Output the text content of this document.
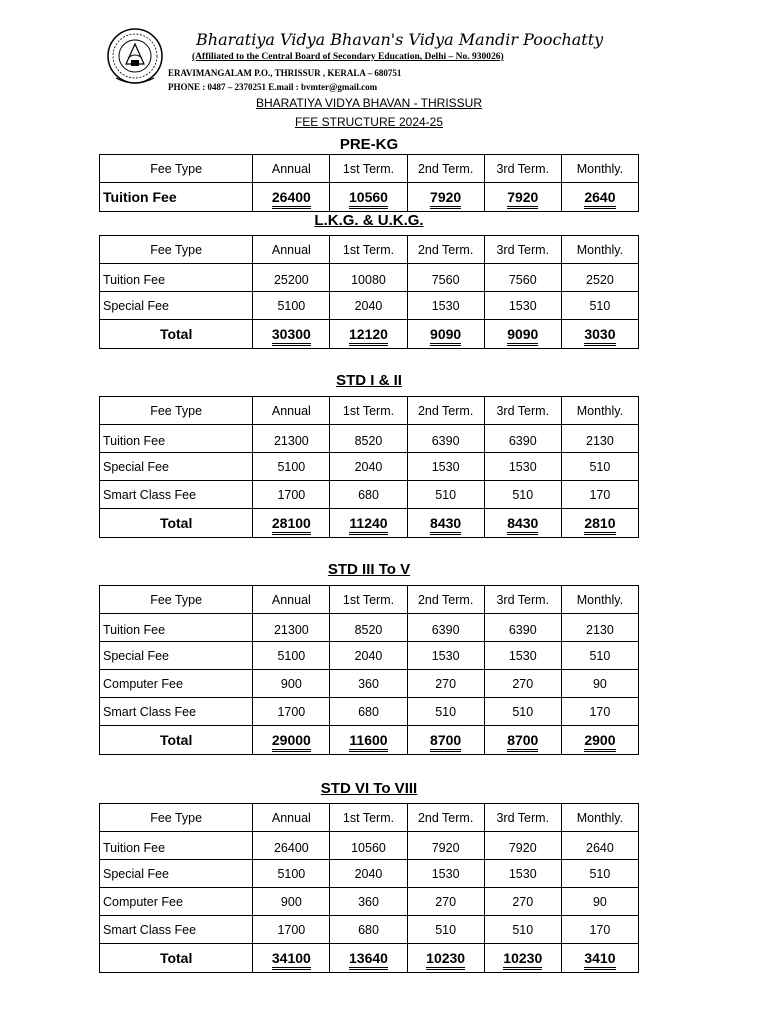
Bharatiya Vidya Bhavan's Vidya Mandir Poochatty
(Affiliated to the Central Board of Secondary Education, Delhi – No. 930026)
ERAVIMANGALAM P.O., THRISSUR , KERALA – 680751
PHONE : 0487 – 2370251 E.mail : bvmter@gmail.com
BHARATIYA VIDYA BHAVAN - THRISSUR
FEE STRUCTURE 2024-25
PRE-KG
Fee Type	Annual	1st Term.	2nd Term.	3rd Term.	Monthly.
Tuition Fee	26400	10560	7920	7920	2640
L.K.G. & U.K.G.
Fee Type	Annual	1st Term.	2nd Term.	3rd Term.	Monthly.
Tuition Fee	25200	10080	7560	7560	2520
Special Fee	5100	2040	1530	1530	510
Total	30300	12120	9090	9090	3030
STD I & II
Fee Type	Annual	1st Term.	2nd Term.	3rd Term.	Monthly.
Tuition Fee	21300	8520	6390	6390	2130
Special Fee	5100	2040	1530	1530	510
Smart Class Fee	1700	680	510	510	170
Total	28100	11240	8430	8430	2810
STD III To V
Fee Type	Annual	1st Term.	2nd Term.	3rd Term.	Monthly.
Tuition Fee	21300	8520	6390	6390	2130
Special Fee	5100	2040	1530	1530	510
Computer Fee	900	360	270	270	90
Smart Class Fee	1700	680	510	510	170
Total	29000	11600	8700	8700	2900
STD VI To VIII
Fee Type	Annual	1st Term.	2nd Term.	3rd Term.	Monthly.
Tuition Fee	26400	10560	7920	7920	2640
Special Fee	5100	2040	1530	1530	510
Computer Fee	900	360	270	270	90
Smart Class Fee	1700	680	510	510	170
Total	34100	13640	10230	10230	3410
